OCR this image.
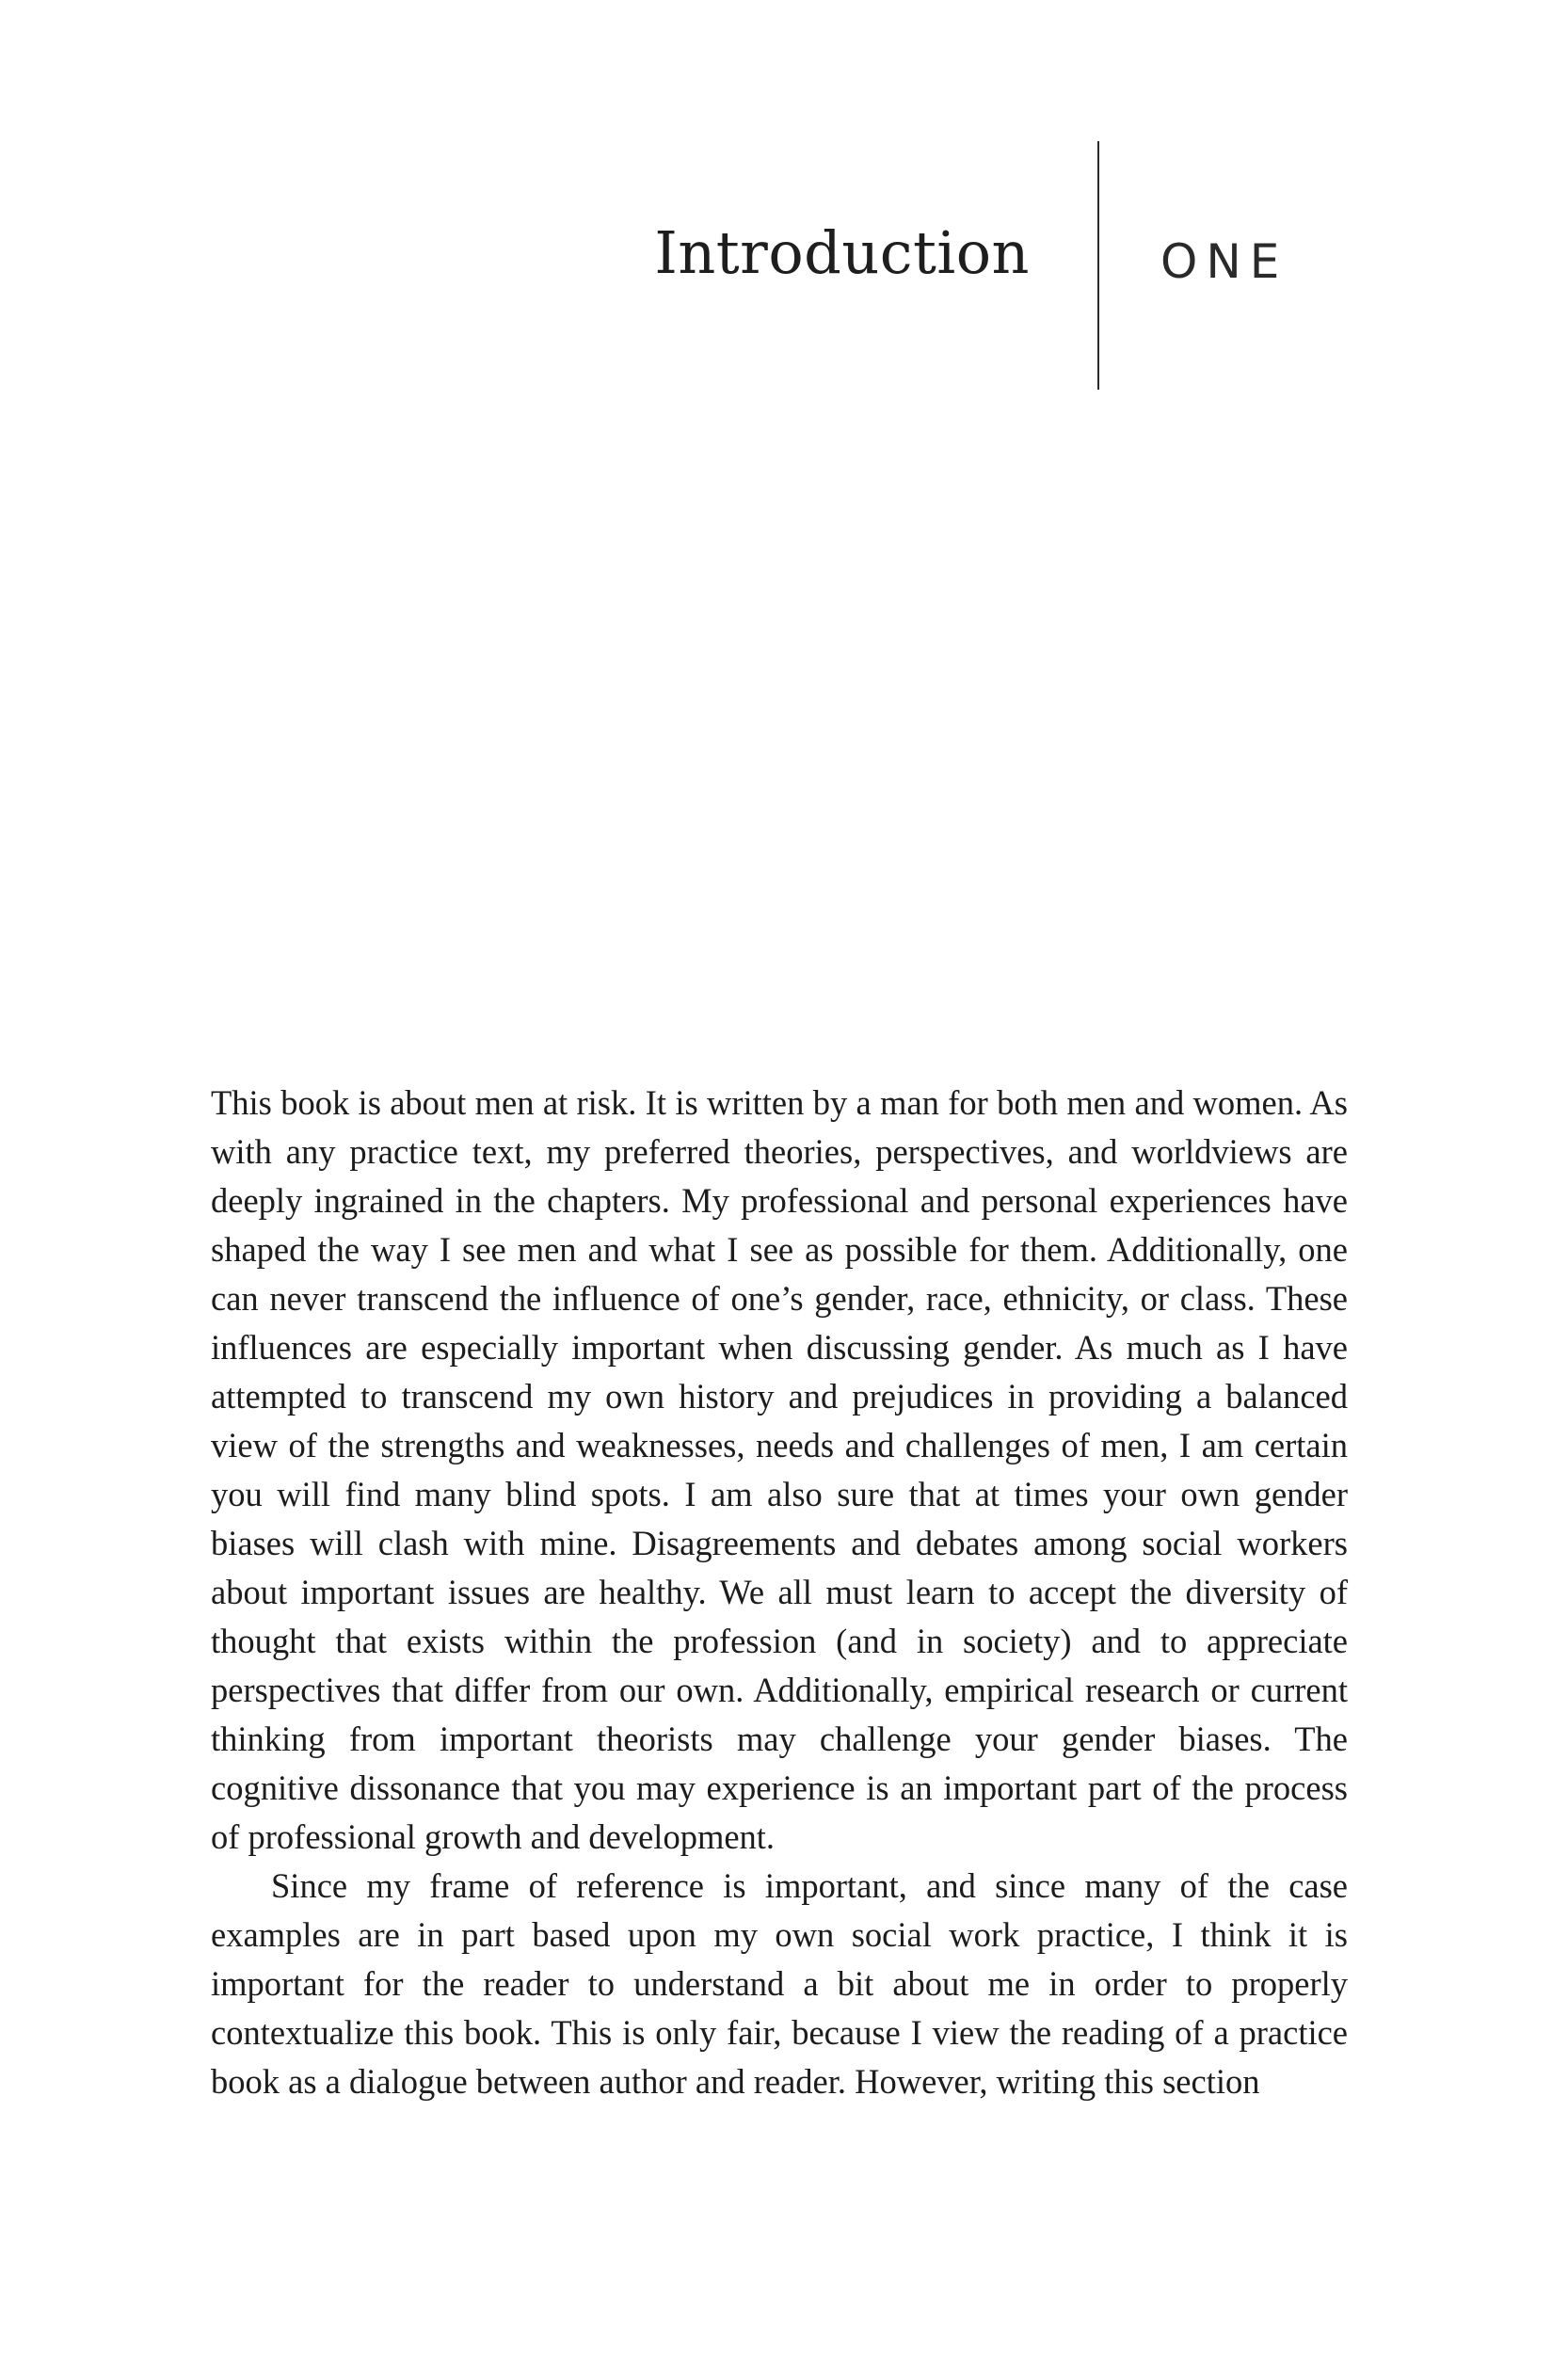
Introduction	ONE

This book is about men at risk. It is written by a man for both men and women. As with any practice text, my preferred theories, perspectives, and worldviews are deeply ingrained in the chapters. My professional and personal experiences have shaped the way I see men and what I see as possible for them. Additionally, one can never transcend the influence of one’s gender, race, ethnicity, or class. These influences are especially important when discussing gender. As much as I have attempted to transcend my own history and prejudices in providing a balanced view of the strengths and weaknesses, needs and challenges of men, I am certain you will find many blind spots. I am also sure that at times your own gender biases will clash with mine. Disagreements and debates among social workers about important issues are healthy. We all must learn to accept the diversity of thought that exists within the profession (and in society) and to appreciate perspectives that differ from our own. Additionally, empirical research or current thinking from important theorists may challenge your gender biases. The cognitive dissonance that you may experience is an important part of the process of professional growth and development.

Since my frame of reference is important, and since many of the case examples are in part based upon my own social work practice, I think it is important for the reader to understand a bit about me in order to properly contextualize this book. This is only fair, because I view the reading of a practice book as a dialogue between author and reader. However, writing this section
